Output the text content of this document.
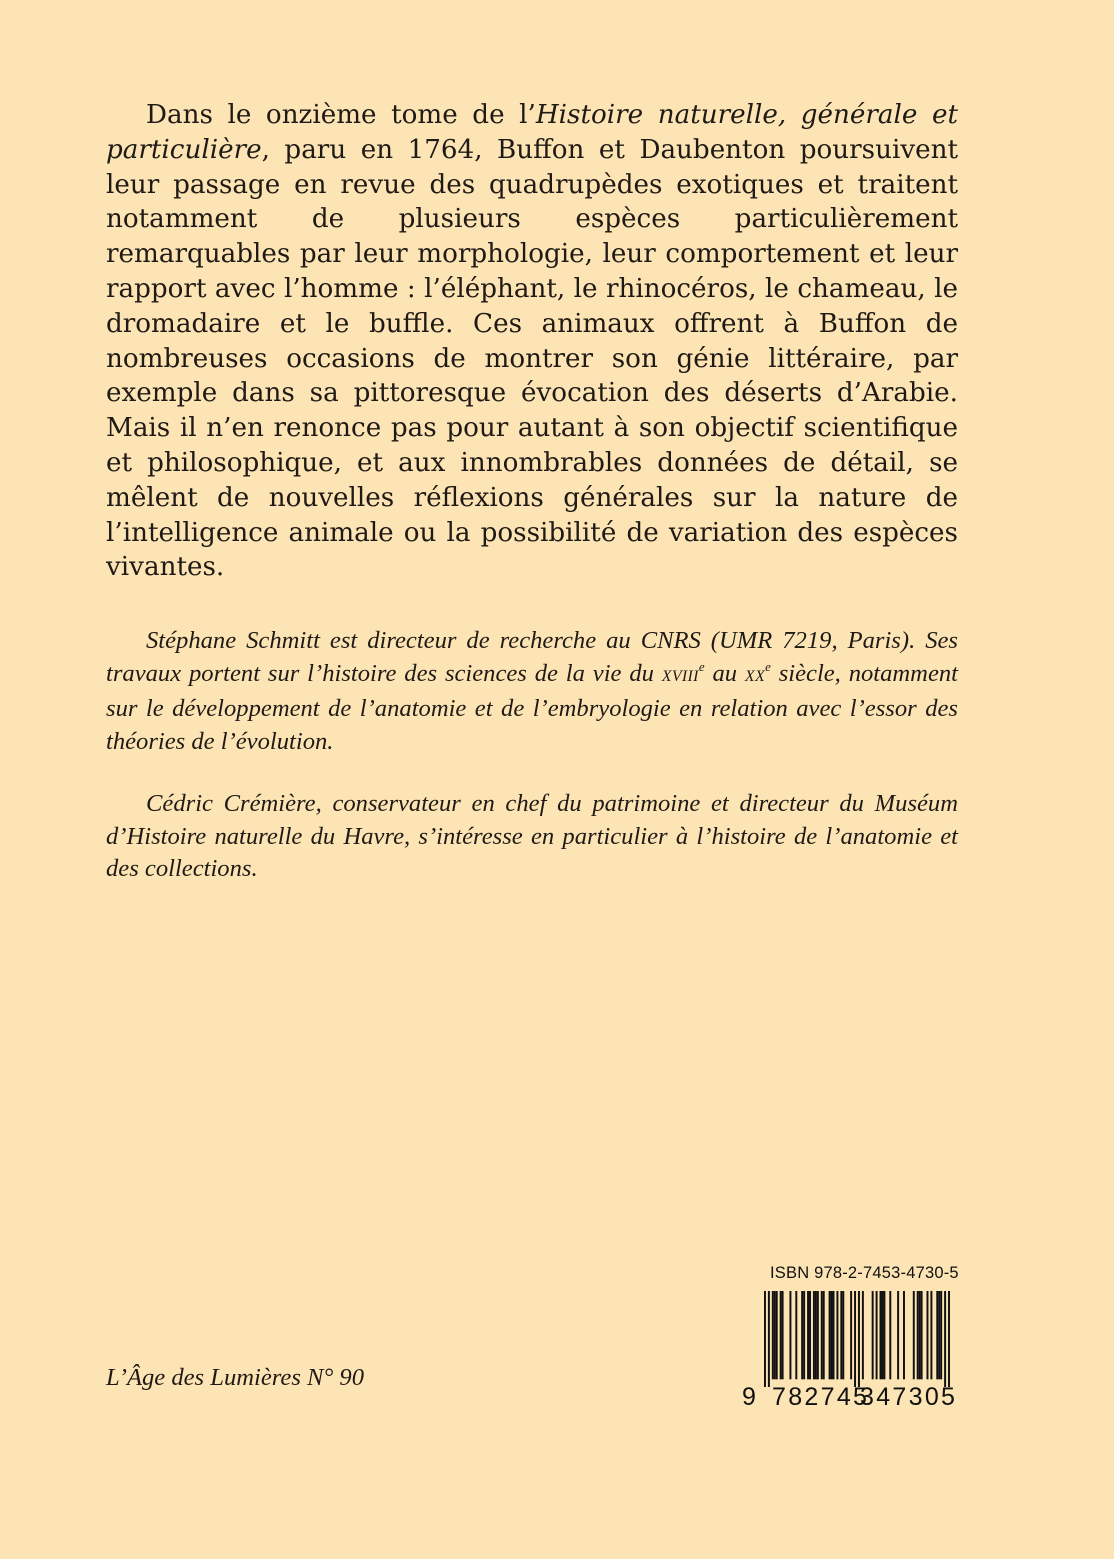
Dans le onzième tome de l’Histoire naturelle, générale et particulière, paru en 1764, Buffon et Daubenton poursuivent leur passage en revue des quadrupèdes exotiques et traitent notamment de plusieurs espèces particulièrement remarquables par leur morphologie, leur comportement et leur rapport avec l’homme : l’éléphant, le rhinocéros, le chameau, le dromadaire et le buffle. Ces animaux offrent à Buffon de nombreuses occasions de montrer son génie littéraire, par exemple dans sa pittoresque évocation des déserts d’Arabie. Mais il n’en renonce pas pour autant à son objectif scientifique et philosophique, et aux innombrables données de détail, se mêlent de nouvelles réflexions générales sur la nature de l’intelligence animale ou la possibilité de variation des espèces vivantes.

Stéphane Schmitt est directeur de recherche au CNRS (UMR 7219, Paris). Ses travaux portent sur l’histoire des sciences de la vie du XVIIIe au XXe siècle, notamment sur le développement de l’anatomie et de l’embryologie en relation avec l’essor des théories de l’évolution.

Cédric Crémière, conservateur en chef du patrimoine et directeur du Muséum d’Histoire naturelle du Havre, s’intéresse en particulier à l’histoire de l’anatomie et des collections.

L’Âge des Lumières N° 90

ISBN 978-2-7453-4730-5
9 782745
347305
